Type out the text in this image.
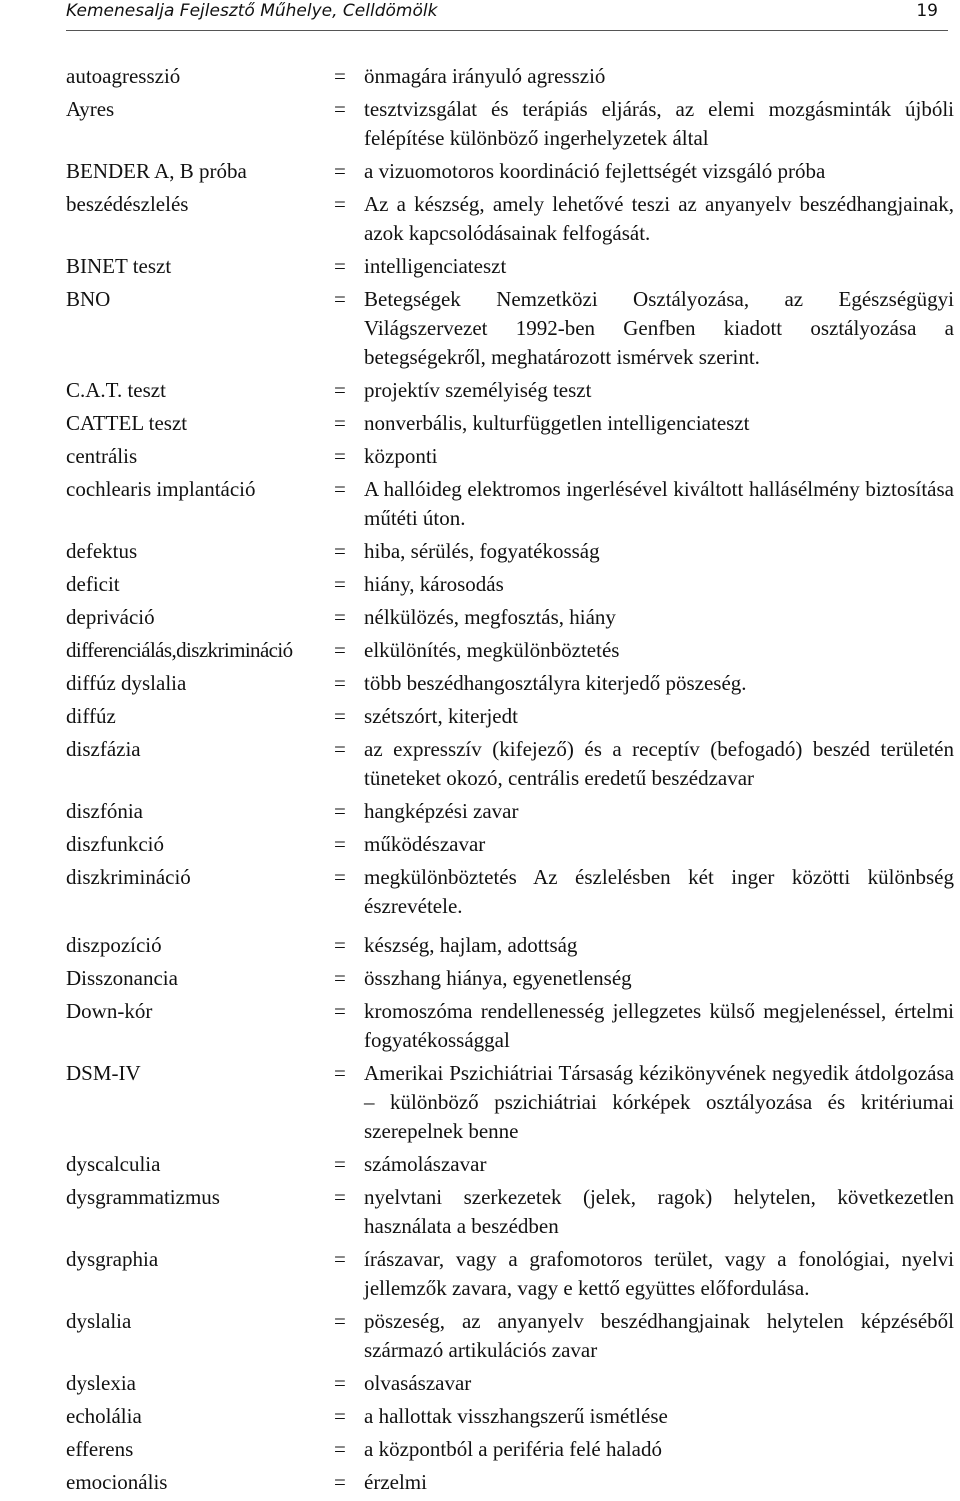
Kemenesalja Fejlesztő Műhelye, Celldömölk	19
autoagresszió	= önmagára irányuló agresszió
Ayres	= tesztvizsgálat és terápiás eljárás, az elemi mozgásminták újbóli felépítése különböző ingerhelyzetek által
BENDER A, B próba	= a vizuomotoros koordináció fejlettségét vizsgáló próba
beszédészlelés	= Az a készség, amely lehetővé teszi az anyanyelv beszédhangjainak, azok kapcsolódásainak felfogását.
BINET teszt	= intelligenciateszt
BNO	= Betegségek Nemzetközi Osztályozása, az Egészségügyi Világszervezet 1992-ben Genfben kiadott osztályozása a betegségekről, meghatározott ismérvek szerint.
C.A.T. teszt	= projektív személyiség teszt
CATTEL teszt	= nonverbális, kulturfüggetlen intelligenciateszt
centrális	= központi
cochlearis implantáció	= A hallóideg elektromos ingerlésével kiváltott hallásélmény biztosítása műtéti úton.
defektus	= hiba, sérülés, fogyatékosság
deficit	= hiány, károsodás
depriváció	= nélkülözés, megfosztás, hiány
differenciálás,diszkrimináció	= elkülönítés, megkülönböztetés
diffúz dyslalia	= több beszédhangosztályra kiterjedő pöszeség.
diffúz	= szétszórt, kiterjedt
diszfázia	= az expresszív (kifejező) és a receptív (befogadó) beszéd területén tüneteket okozó, centrális eredetű beszédzavar
diszfónia	= hangképzési zavar
diszfunkció	= működészavar
diszkrimináció	= megkülönböztetés Az észlelésben két inger közötti különbség észrevétele.
diszpozíció	= készség, hajlam, adottság
Disszonancia	= összhang hiánya, egyenetlenség
Down-kór	= kromoszóma rendellenesség jellegzetes külső megjelenéssel, értelmi fogyatékossággal
DSM-IV	= Amerikai Pszichiátriai Társaság kézikönyvének negyedik átdolgozása – különböző pszichiátriai kórképek osztályozása és kritériumai szerepelnek benne
dyscalculia	= számolászavar
dysgrammatizmus	= nyelvtani szerkezetek (jelek, ragok) helytelen, következetlen használata a beszédben
dysgraphia	= írászavar, vagy a grafomotoros terület, vagy a fonológiai, nyelvi jellemzők zavara, vagy e kettő együttes előfordulása.
dyslalia	= pöszeség, az anyanyelv beszédhangjainak helytelen képzéséből származó artikulációs zavar
dyslexia	= olvasászavar
echolália	= a hallottak visszhangszerű ismétlése
efferens	= a központból a periféria felé haladó
emocionális	= érzelmi
